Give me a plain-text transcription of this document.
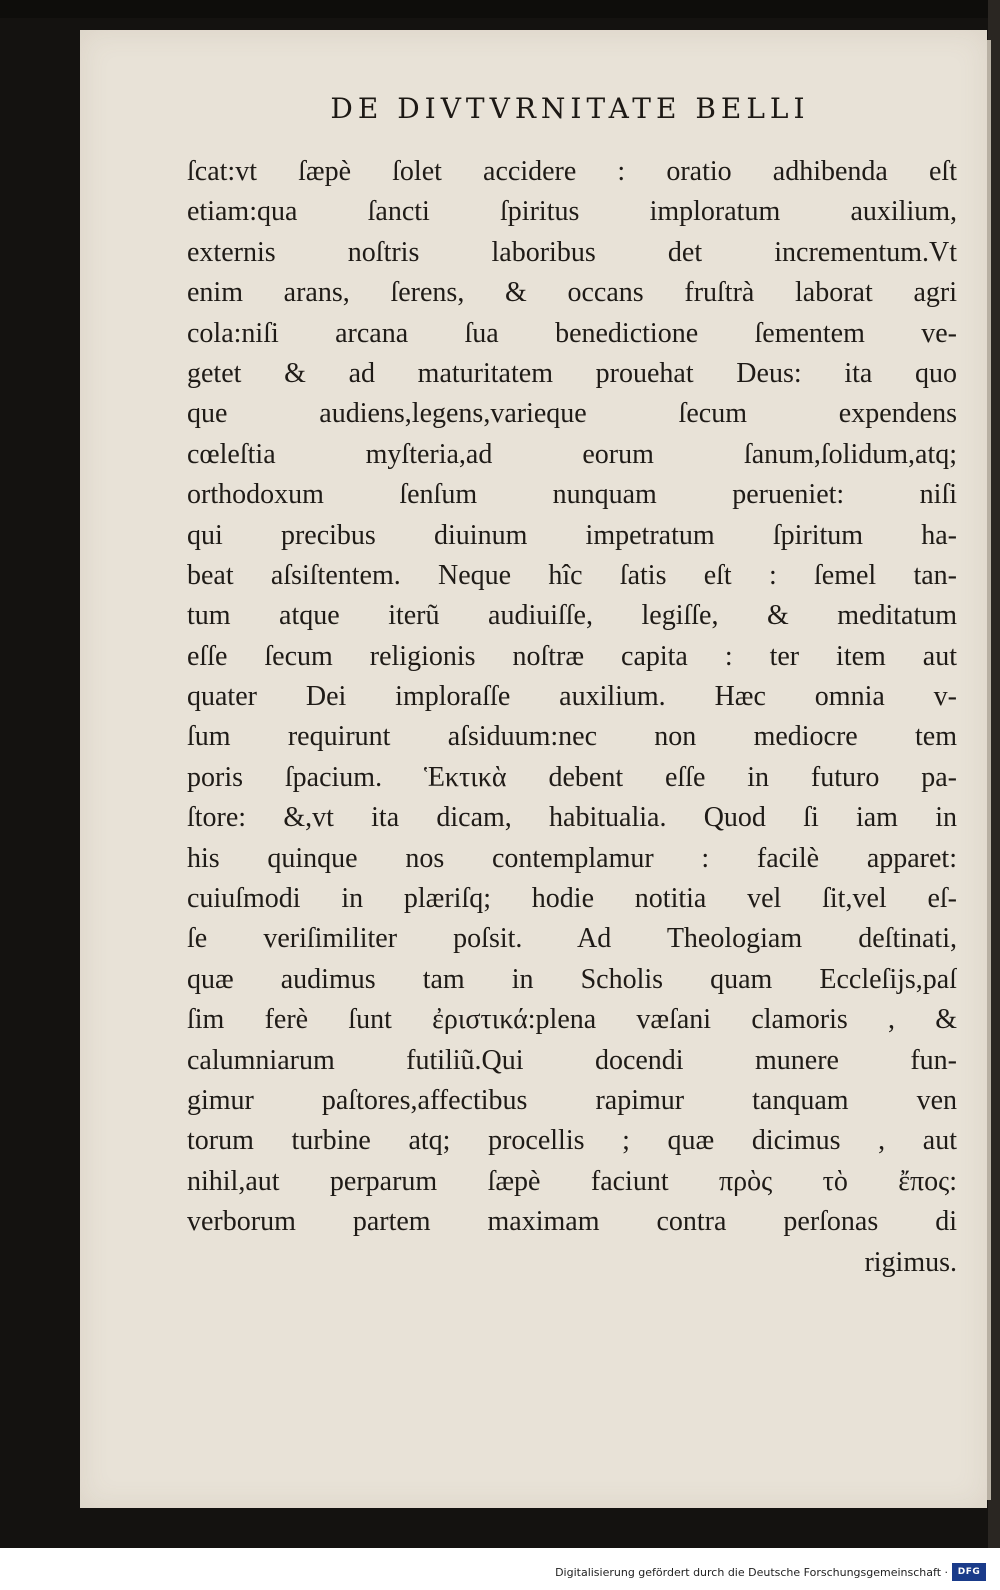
DE DIVTVRNITATE BELLI
ſcat:vt ſæpè ſolet accidere : oratio adhibenda eſt
etiam:qua ſancti ſpiritus imploratum auxilium,
externis noſtris laboribus det incrementum.Vt
enim arans, ſerens, & occans fruſtrà laborat agri
cola:niſi arcana ſua benedictione ſementem ve-
getet & ad maturitatem prouehat Deus: ita quo
que audiens,legens,varieque ſecum expendens
cœleſtia myſteria,ad eorum ſanum,ſolidum,atq;
orthodoxum ſenſum nunquam perueniet: niſi
qui precibus diuinum impetratum ſpiritum ha-
beat aſsiſtentem. Neque hîc ſatis eſt : ſemel tan-
tum atque iterũ audiuiſſe, legiſſe, & meditatum
eſſe ſecum religionis noſtræ capita : ter item aut
quater Dei imploraſſe auxilium. Hæc omnia v-
ſum requirunt aſsiduum:nec non mediocre tem
poris ſpacium. Ἑκτικὰ debent eſſe in futuro pa-
ſtore: &,vt ita dicam, habitualia. Quod ſi iam in
his quinque nos contemplamur : facilè apparet:
cuiuſmodi in plæriſq; hodie notitia vel ſit,vel eſ-
ſe veriſimiliter poſsit. Ad Theologiam deſtinati,
quæ audimus tam in Scholis quam Eccleſijs,paſ
ſim ferè ſunt ἐριστικά:plena væſani clamoris , &
calumniarum futiliũ.Qui docendi munere fun-
gimur paſtores,affectibus rapimur tanquam ven
torum turbine atq; procellis ; quæ dicimus , aut
nihil,aut perparum ſæpè faciunt πρὸς τὸ ἔπος:
verborum partem maximam contra perſonas di
rigimus.
Digitalisierung gefördert durch die Deutsche Forschungsgemeinschaft · DFG
